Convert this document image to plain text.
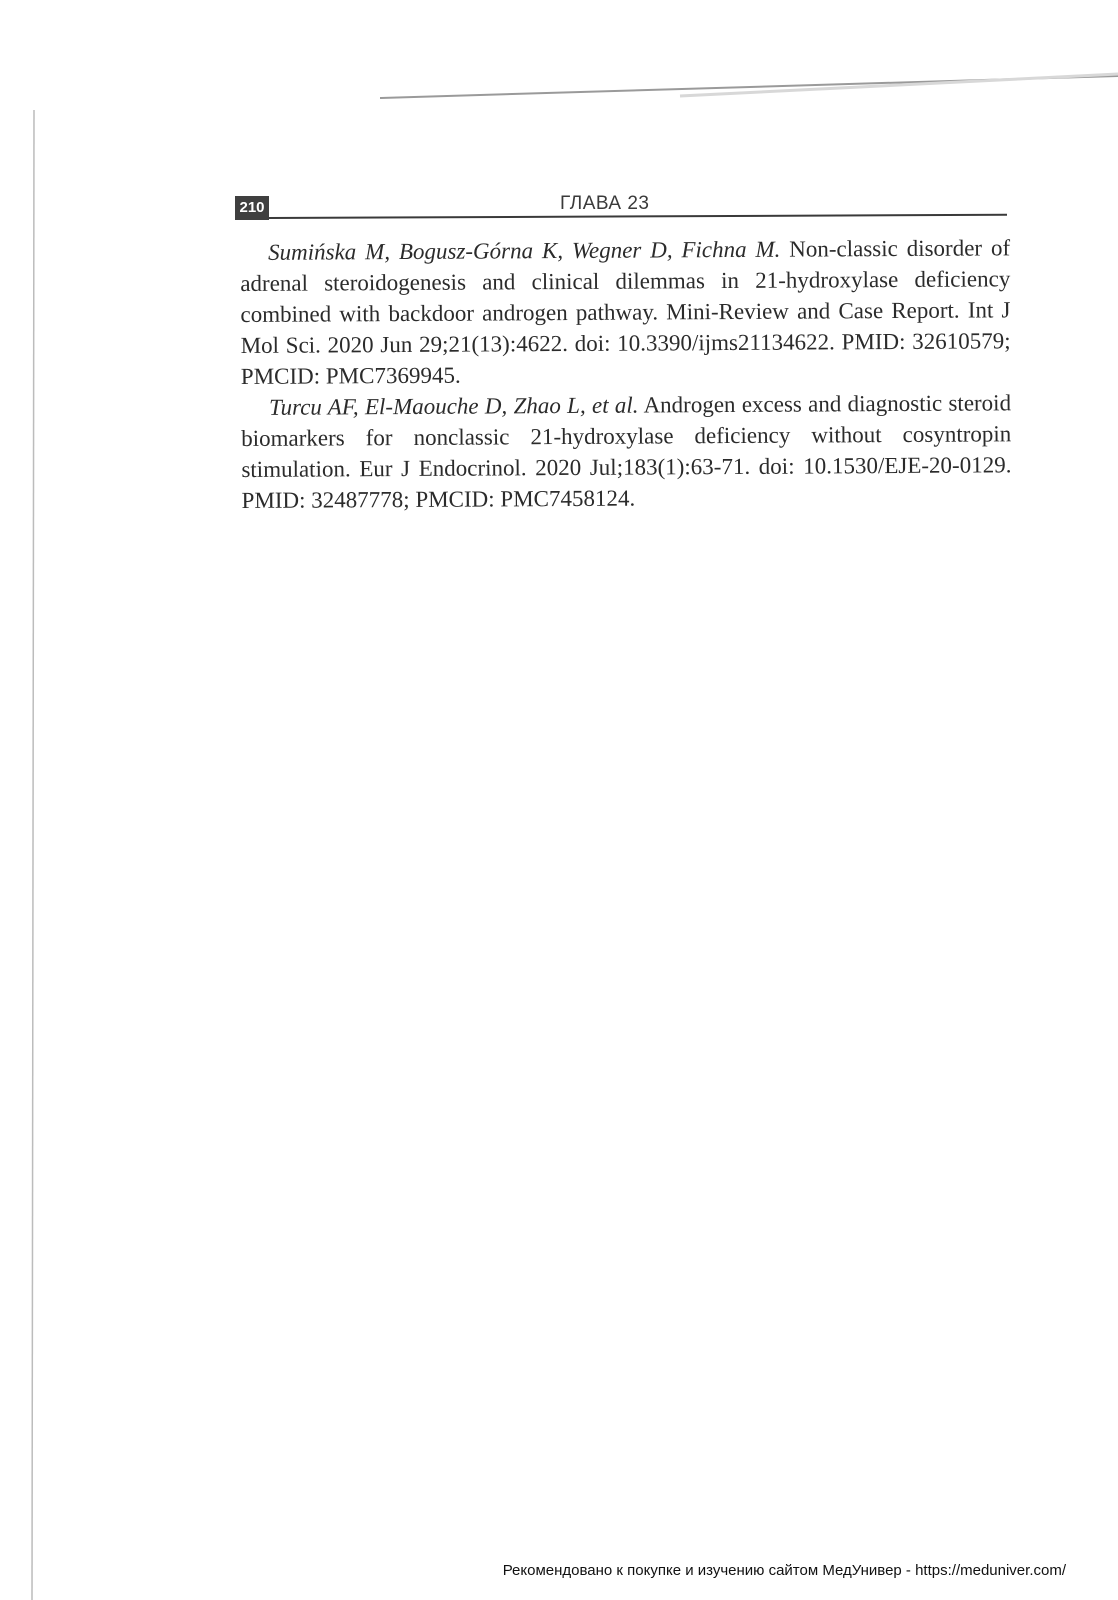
210	ГЛАВА 23

Sumińska M, Bogusz-Górna K, Wegner D, Fichna M. Non-classic disorder of adrenal steroidogenesis and clinical dilemmas in 21-hydroxylase deficiency combined with backdoor androgen pathway. Mini-Review and Case Report. Int J Mol Sci. 2020 Jun 29;21(13):4622. doi: 10.3390/ijms21134622. PMID: 32610579; PMCID: PMC7369945.

Turcu AF, El-Maouche D, Zhao L, et al. Androgen excess and diagnostic steroid biomarkers for nonclassic 21-hydroxylase deficiency without cosyntropin stimulation. Eur J Endocrinol. 2020 Jul;183(1):63-71. doi: 10.1530/EJE-20-0129. PMID: 32487778; PMCID: PMC7458124.

Рекомендовано к покупке и изучению сайтом МедУнивер - https://meduniver.com/
